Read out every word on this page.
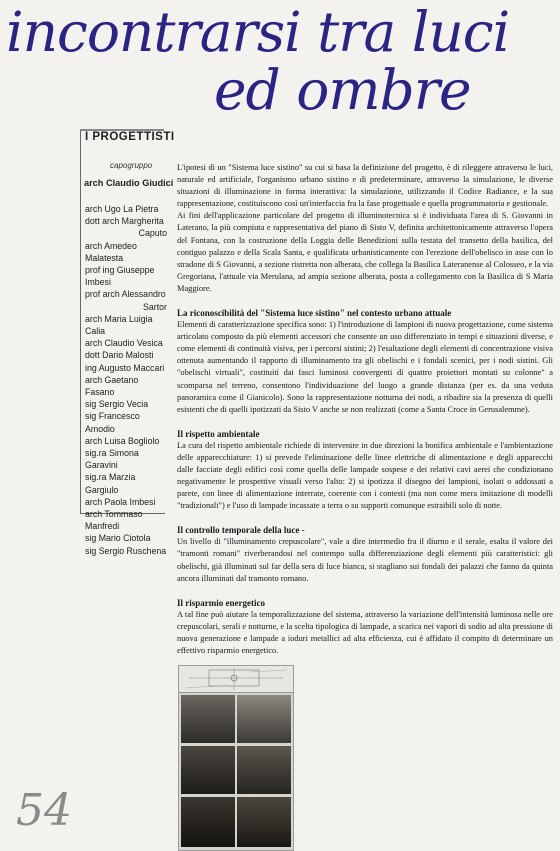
incontrarsi tra luci
ed ombre
I PROGETTISTI
capogruppo
arch Claudio Giudici
arch Ugo La Pietra
dott arch Margherita
Caputo
arch Amedeo Malatesta
prof ing Giuseppe Imbesi
prof arch Alessandro
Sartor
arch Maria Luigia Calia
arch Claudio Vesica
dott Dario Malosti
ing Augusto Maccari
arch Gaetano Fasano
sig Sergio Vecia
sig Francesco Amodio
arch Luisa Bogliolo
sig.ra Simona Garavini
sig.ra Marzia Gargiulo
arch Paola Imbesi
arch Tommaso Manfredi
sig Mario Ciotola
sig Sergio Ruschena

L'ipotesi di un "Sistema luce sistino" su cui si basa la definizione del progetto, è di rileggere attraverso le luci, naturale ed artificiale, l'organismo urbano sistino e di predeterminare, attraverso la simulazione, le diverse situazioni di illuminazione in forma interattiva: la simulazione, utilizzando il Codice Radiance, e la sua rappresentazione, costituiscono così un'interfaccia fra la fase progettuale e quella programmatoria e gestionale.

Ai fini dell'applicazione particolare del progetto di illuminotecnica si è individuata l'area di S. Giovanni in Laterano, la più compiuta e rappresentativa del piano di Sisto V, definita architettonicamente attraverso l'opera del Fontana, con la costruzione della Loggia delle Benedizioni sulla testata del transetto della basilica, del contiguo palazzo e della Scala Santa, e qualificata urbanisticamente con l'erezione dell'obelisco in asse con lo stradone di S Giovanni, a sezione ristretta non alberata, che collega la Basilica Lateranense al Colosseo, e la via Gregoriana, l'attuale via Merulana, ad ampia sezione alberata, posta a collegamento con la Basilica di S Maria Maggiore.

La riconoscibilità del "Sistema luce sistino" nel contesto urbano attuale

Elementi di caratterizzazione specifica sono: 1) l'introduzione di lampioni di nuova progettazione, come sistema articolato composto da più elementi accessori che consente un uso differenziato in tempi e situazioni diverse, e come elementi di continuità visiva, per i percorsi sistini; 2) l'esaltazione degli elementi di concentrazione visiva ottenuta aumentando il rapporto di illuminamento tra gli obelischi e i fondali scenici, per i nodi sistini. Gli "obelischi virtuali", costituiti dai fasci luminosi convergenti di quattro proiettori montati su colonne" a scomparsa nel terreno, consentono l'individuazione del luogo a grande distanza (per es. da una veduta panoramica come il Gianicolo). Sono la rappresentazione notturna dei nodi, a ribadire sia la presenza di quelli esistenti che di quelli ipotizzati da Sisto V anche se non realizzati (come a Santa Croce in Gerusalemme).

Il rispetto ambientale

La cura del rispetto ambientale richiede di intervenire in due direzioni la bonifica ambientale e l'ambientazione delle apparecchiature: 1) si prevede l'eliminazione delle linee elettriche di alimentazione e degli apparecchi dalle facciate degli edifici così come quella delle lampade sospese e dei relativi cavi aerei che condizionano negativamente le prospettive visuali verso l'alto: 2) si ipotizza il disegno dei lampioni, isolati o addossati a parete, con linee di alimentazione interrate, coerente con i contesti (ma non come mera imitazione di modelli "tradizionali") e l'uso di lampade incassate a terra o su supporti comunque estraibili solo di notte.

Il controllo temporale della luce -

Un livello di "illuminamento crepuscolare", vale a dire intermedio fra il diurno e il serale, esalta il valore dei "tramonti romani" riverberandosi nel contempo sulla differenziazione degli elementi più caratteristici: gli obelischi, già illuminati sul far della sera di luce bianca, si stagliano sui fondali dei palazzi che fanno da quinta ancora illuminati dal tramonto romano.

Il risparmio energetico

A tal fine può aiutare la temporalizzazione del sistema, attraverso la variazione dell'intensità luminosa nelle ore crepuscolari, serali e notturne, e la scelta tipologica di lampade, a scarica nei vapori di sodio ad alta pressione di nuova generazione e lampade a ioduri metallici ad alta efficienza, cui è affidato il compito di determinare un effettivo risparmio energetico.

54
